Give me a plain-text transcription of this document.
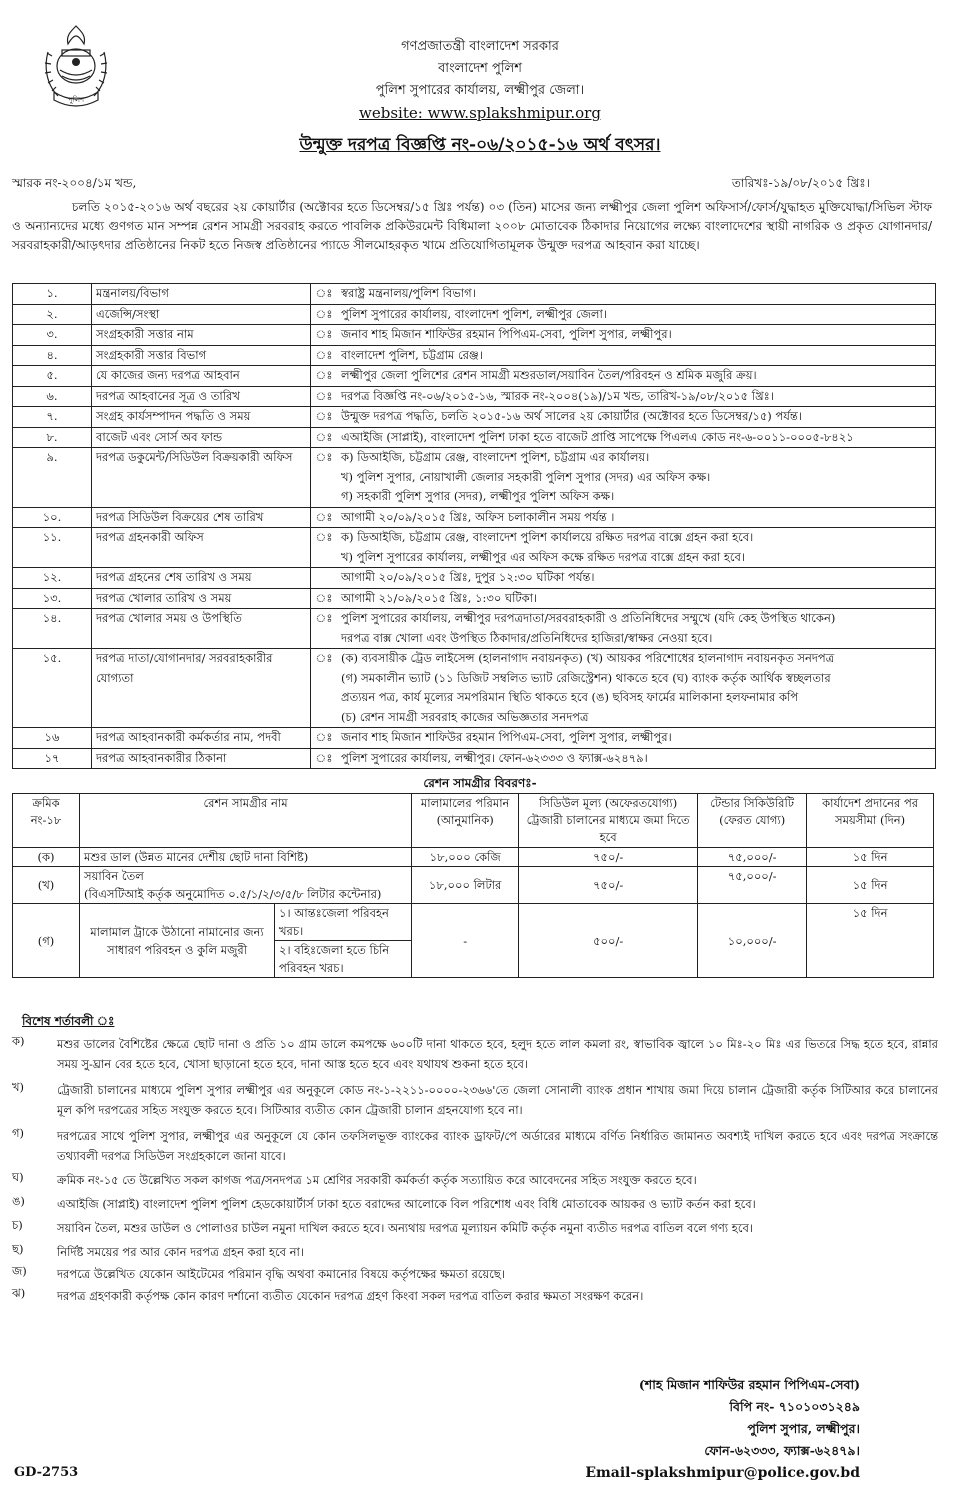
পুলিশ
গণপ্রজাতন্ত্রী বাংলাদেশ সরকার
বাংলাদেশ পুলিশ
পুলিশ সুপারের কার্যালয়, লক্ষ্মীপুর জেলা।
website: www.splakshmipur.org
উন্মুক্ত দরপত্র বিজ্ঞপ্তি নং-০৬/২০১৫-১৬ অর্থ বৎসর।
স্মারক নং-২০০৪/১ম খন্ড,	তারিখঃ-১৯/০৮/২০১৫ খ্রিঃ।
চলতি ২০১৫-২০১৬ অর্থ বছরের ২য় কোয়ার্টার (অক্টোবর হতে ডিসেম্বর/১৫ খ্রিঃ পর্যন্ত) ০৩ (তিন) মাসের জন্য লক্ষ্মীপুর জেলা পুলিশ অফিসার্স/ফোর্স/যুদ্ধাহত মুক্তিযোদ্ধা/সিভিল স্টাফ ও অন্যান্যদের মধ্যে গুণগত মান সম্পন্ন রেশন সামগ্রী সরবরাহ করতে পাবলিক প্রকিউরমেন্ট বিধিমালা ২০০৮ মোতাবেক ঠিকাদার নিয়োগের লক্ষ্যে বাংলাদেশের স্থায়ী নাগরিক ও প্রকৃত যোগানদার/সরবরাহকারী/আড়ৎদার প্রতিষ্ঠানের নিকট হতে নিজস্ব প্রতিষ্ঠানের প্যাডে সীলমোহরকৃত খামে প্রতিযোগিতামূলক উন্মুক্ত দরপত্র আহবান করা যাচ্ছে।
১.	মন্ত্রনালয়/বিভাগ	ঃ	স্বরাষ্ট্র মন্ত্রনালয়/পুলিশ বিভাগ।

২.	এজেন্সি/সংস্থা	ঃ	পুলিশ সুপারের কার্যালয়, বাংলাদেশ পুলিশ, লক্ষ্মীপুর জেলা।

৩.	সংগ্রহকারী সত্তার নাম	ঃ	জনাব শাহ মিজান শাফিউর রহমান পিপিএম-সেবা, পুলিশ সুপার, লক্ষ্মীপুর।

৪.	সংগ্রহকারী সত্তার বিভাগ	ঃ	বাংলাদেশ পুলিশ, চট্টগ্রাম রেঞ্জ।

৫.	যে কাজের জন্য দরপত্র আহবান	ঃ	লক্ষ্মীপুর জেলা পুলিশের রেশন সামগ্রী মশুরডাল/সয়াবিন তৈল/পরিবহন ও শ্রমিক মজুরি ক্রয়।

৬.	দরপত্র আহবানের সূত্র ও তারিখ	ঃ	দরপত্র বিজ্ঞপ্তি নং-০৬/২০১৫-১৬, স্মারক নং-২০০৪(১৯)/১ম খন্ড, তারিখ-১৯/০৮/২০১৫ খ্রিঃ।

৭.	সংগ্রহ কার্যসম্পাদন পদ্ধতি ও সময়	ঃ	উন্মুক্ত দরপত্র পদ্ধতি, চলতি ২০১৫-১৬ অর্থ সালের ২য় কোয়ার্টার (অক্টোবর হতে ডিসেম্বর/১৫) পর্যন্ত।

৮.	বাজেট এবং সোর্স অব ফান্ড	ঃ	এআইজি (সাপ্লাই), বাংলাদেশ পুলিশ ঢাকা হতে বাজেট প্রাপ্তি সাপেক্ষে পিএলএ কোড নং-৬-০০১১-০০০৫-৮৪২১

৯.	দরপত্র ডকুমেন্ট/সিডিউল বিক্রয়কারী অফিস	ঃ	ক) ডিআইজি, চট্টগ্রাম রেঞ্জ, বাংলাদেশ পুলিশ, চট্টগ্রাম এর কার্যালয়।
খ) পুলিশ সুপার, নোয়াখালী জেলার সহকারী পুলিশ সুপার (সদর) এর অফিস কক্ষ।
গ) সহকারী পুলিশ সুপার (সদর), লক্ষ্মীপুর পুলিশ অফিস কক্ষ।

১০.	দরপত্র সিডিউল বিক্রয়ের শেষ তারিখ	ঃ	আগামী ২০/০৯/২০১৫ খ্রিঃ, অফিস চলাকালীন সময় পর্যন্ত ।

১১.	দরপত্র গ্রহনকারী অফিস	ঃ	ক) ডিআইজি, চট্টগ্রাম রেঞ্জ, বাংলাদেশ পুলিশ কার্যালয়ে রক্ষিত দরপত্র বাক্সে গ্রহন করা হবে।
খ) পুলিশ সুপারের কার্যালয়, লক্ষ্মীপুর এর অফিস কক্ষে রক্ষিত দরপত্র বাক্সে গ্রহন করা হবে।

১২.	দরপত্র গ্রহনের শেষ তারিখ ও সময়		আগামী ২০/০৯/২০১৫ খ্রিঃ, দুপুর ১২:৩০ ঘটিকা পর্যন্ত।

১৩.	দরপত্র খোলার তারিখ ও সময়	ঃ	আগামী ২১/০৯/২০১৫ খ্রিঃ, ১:৩০ ঘটিকা।

১৪.	দরপত্র খোলার সময় ও উপস্থিতি	ঃ	পুলিশ সুপারের কার্যালয়, লক্ষ্মীপুর দরপত্রদাতা/সরবরাহকারী ও প্রতিনিধিদের সম্মুখে (যদি কেহ উপস্থিত থাকেন)
দরপত্র বাক্স খোলা এবং উপস্থিত ঠিকাদার/প্রতিনিধিদের হাজিরা/স্বাক্ষর নেওয়া হবে।

১৫.	দরপত্র দাতা/যোগানদার/ সরবরাহকারীর যোগ্যতা	ঃ	(ক) ব্যবসায়ীক ট্রেড লাইসেন্স (হালনাগাদ নবায়নকৃত) (খ) আয়কর পরিশোধের হালনাগাদ নবায়নকৃত সনদপত্র
(গ) সমকালীন ভ্যাট (১১ ডিজিট সম্বলিত ভ্যাট রেজিস্ট্রেশন) থাকতে হবে (ঘ) ব্যাংক কর্তৃক আর্থিক স্বচ্ছলতার
প্রত্যয়ন পত্র, কার্য মূল্যের সমপরিমান স্থিতি থাকতে হবে (ঙ) ছবিসহ ফার্মের মালিকানা হলফনামার কপি
(চ) রেশন সামগ্রী সরবরাহ কাজের অভিজ্ঞতার সনদপত্র

১৬	দরপত্র আহবানকারী কর্মকর্তার নাম, পদবী	ঃ	জনাব শাহ মিজান শাফিউর রহমান পিপিএম-সেবা, পুলিশ সুপার, লক্ষ্মীপুর।

১৭	দরপত্র আহবানকারীর ঠিকানা	ঃ	পুলিশ সুপারের কার্যালয়, লক্ষ্মীপুর। ফোন-৬২৩৩৩ ও ফ্যাক্স-৬২৪৭৯।
রেশন সামগ্রীর বিবরণঃ-
ক্রমিক নং-১৮	রেশন সামগ্রীর নাম		মালামালের পরিমান (আনুমানিক)	সিডিউল মূল্য (অফেরতযোগ্য) ট্রেজারী চালানের মাধ্যমে জমা দিতে হবে	টেন্ডার সিকিউরিটি (ফেরত যোগ্য)	কার্যাদেশ প্রদানের পর সময়সীমা (দিন)
(ক)	মশুর ডাল (উন্নত মানের দেশীয় ছোট দানা বিশিষ্ট)		১৮,০০০ কেজি	৭৫০/-	৭৫,০০০/-	১৫ দিন
(খ)	সয়াবিন তৈল
(বিএসটিআই কর্তৃক অনুমোদিত ০.৫/১/২/৩/৫/৮ লিটার কন্টেনার)		১৮,০০০ লিটার	৭৫০/-	৭৫,০০০/-	১৫ দিন
(গ)	মালামাল ট্রাকে উঠানো নামানোর জন্য সাধারণ পরিবহন ও কুলি মজুরী	১। আন্তঃজেলা পরিবহন খরচ।	-	৫০০/-	১০,০০০/-	১৫ দিন
		২। বহিঃজেলা হতে চিনি পরিবহন খরচ।				
বিশেষ শর্তাবলী ঃ
ক)	মশুর ডালের বৈশিষ্টের ক্ষেত্রে ছোট দানা ও প্রতি ১০ গ্রাম ডালে কমপক্ষে ৬০০টি দানা থাকতে হবে, হলুদ হতে লাল কমলা রং, স্বাভাবিক জ্বালে ১০ মিঃ-২০ মিঃ এর ভিতরে সিদ্ধ হতে হবে, রান্নার সময় সু-ঘ্রান বের হতে হবে, খোসা ছাড়ানো হতে হবে, দানা আস্ত হতে হবে এবং যথাযথ শুকনা হতে হবে।
খ)	ট্রেজারী চালানের মাধ্যমে পুলিশ সুপার লক্ষ্মীপুর এর অনুকূলে কোড নং-১-২২১১-০০০০-২৩৬৬'তে জেলা সোনালী ব্যাংক প্রধান শাখায় জমা দিয়ে চালান ট্রেজারী কর্তৃক সিটিআর করে চালানের মূল কপি দরপত্রের সহিত সংযুক্ত করতে হবে। সিটিআর ব্যতীত কোন ট্রেজারী চালান গ্রহনযোগ্য হবে না।
গ)	দরপত্রের সাথে পুলিশ সুপার, লক্ষ্মীপুর এর অনুকূলে যে কোন তফসিলভূক্ত ব্যাংকের ব্যাংক ড্রাফট/পে অর্ডারের মাধ্যমে বর্ণিত নির্ধারিত জামানত অবশ্যই দাখিল করতে হবে এবং দরপত্র সংক্রান্তে তথ্যাবলী দরপত্র সিডিউল সংগ্রহকালে জানা যাবে।
ঘ)	ক্রমিক নং-১৫ তে উল্লেখিত সকল কাগজ পত্র/সনদপত্র ১ম শ্রেণির সরকারী কর্মকর্তা কর্তৃক সত্যায়িত করে আবেদনের সহিত সংযুক্ত করতে হবে।
ঙ)	এআইজি (সাপ্লাই) বাংলাদেশ পুলিশ পুলিশ হেডকোয়ার্টার্স ঢাকা হতে বরাদ্দের আলোকে বিল পরিশোধ এবং বিধি মোতাবেক আয়কর ও ভ্যাট কর্তন করা হবে।
চ)	সয়াবিন তৈল, মশুর ডাউল ও পোলাওর চাউল নমুনা দাখিল করতে হবে। অন্যথায় দরপত্র মূল্যায়ন কমিটি কর্তৃক নমুনা ব্যতীত দরপত্র বাতিল বলে গণ্য হবে।
ছ)	নির্দিষ্ট সময়ের পর আর কোন দরপত্র গ্রহন করা হবে না।
জ)	দরপত্রে উল্লেখিত যেকোন আইটেমের পরিমান বৃদ্ধি অথবা কমানোর বিষয়ে কর্তৃপক্ষের ক্ষমতা রয়েছে।
ঝ)	দরপত্র গ্রহণকারী কর্তৃপক্ষ কোন কারণ দর্শানো ব্যতীত যেকোন দরপত্র গ্রহণ কিংবা সকল দরপত্র বাতিল করার ক্ষমতা সংরক্ষণ করেন।
(শাহ মিজান শাফিউর রহমান পিপিএম-সেবা)
বিপি নং- ৭১০১০৩১২৪৯
পুলিশ সুপার, লক্ষ্মীপুর।
ফোন-৬২৩৩৩, ফ্যাক্স-৬২৪৭৯।
Email-splakshmipur@police.gov.bd
GD-2753
